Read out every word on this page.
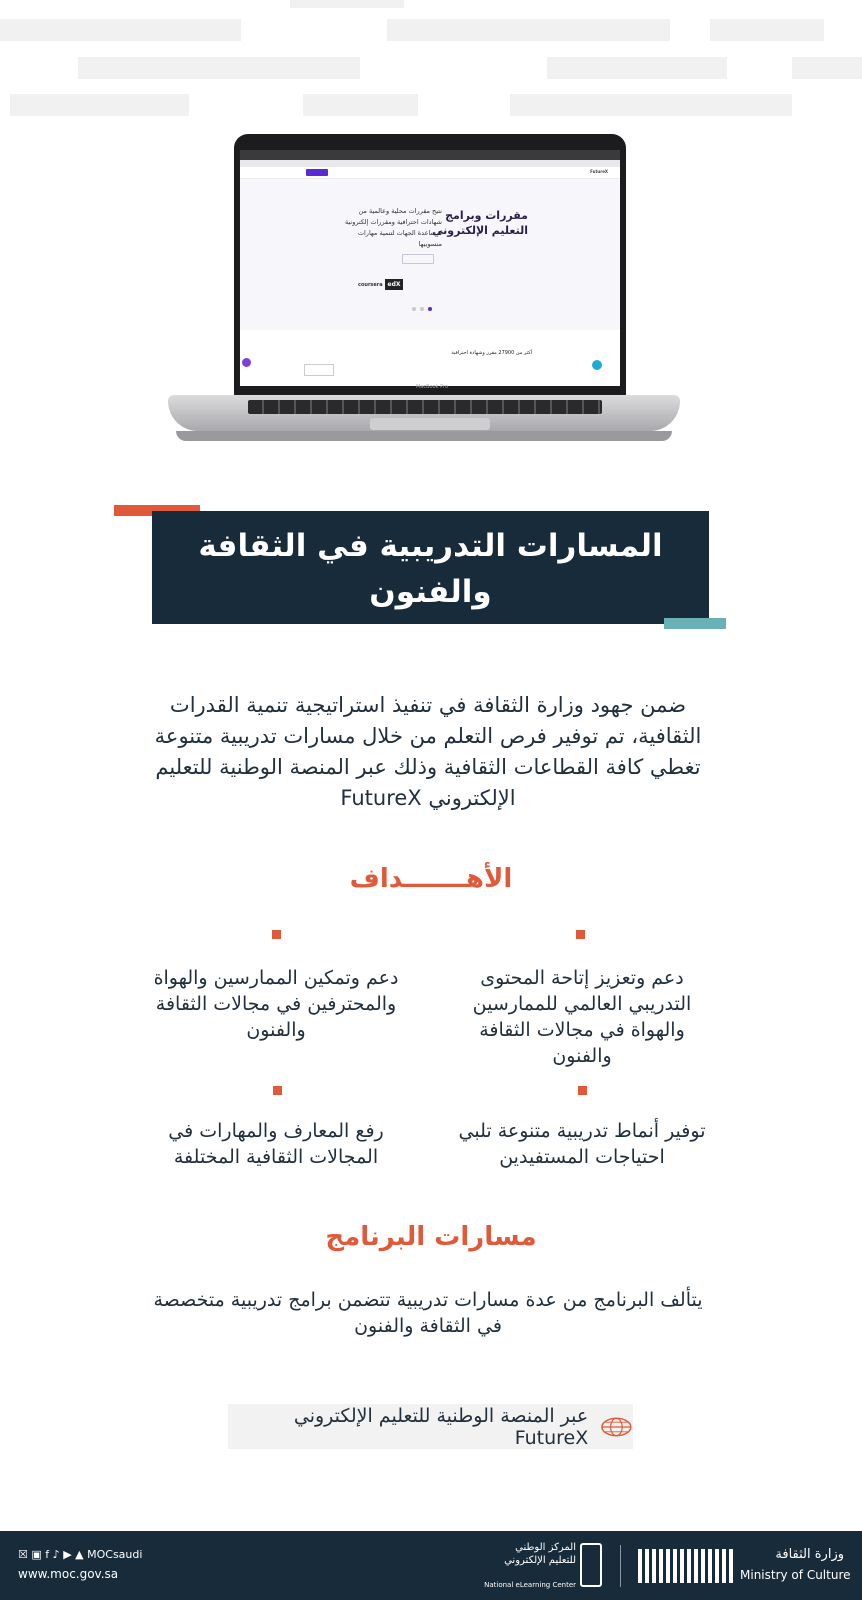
FutureX
مقررات وبرامج التعليم الإلكتروني
نتيح مقررات محلية وعالمية من شهادات احترافية ومقررات إلكترونية لمساعدة الجهات لتنمية مهارات منسوبيها
coursera edX
أكثر من 27900 مقرر وشهادة احترافية
MacBook Pro
المسارات التدريبية في الثقافة والفنون
عبر المنصة الوطنية للتعليم الإلكتروني
ضمن جهود وزارة الثقافة في تنفيذ استراتيجية تنمية القدرات الثقافية، تم توفير فرص التعلم من خلال مسارات تدريبية متنوعة تغطي كافة القطاعات الثقافية وذلك عبر المنصة الوطنية للتعليم الإلكتروني FutureX
الأهـــــــداف
دعم وتعزيز إتاحة المحتوى التدريبي العالمي للممارسين والهواة في مجالات الثقافة والفنون
دعم وتمكين الممارسين والهواة والمحترفين في مجالات الثقافة والفنون
توفير أنماط تدريبية متنوعة تلبي احتياجات المستفيدين
رفع المعارف والمهارات في المجالات الثقافية المختلفة
مسارات البرنامج
يتألف البرنامج من عدة مسارات تدريبية تتضمن برامج تدريبية متخصصة في الثقافة والفنون
عبر المنصة الوطنية للتعليم الإلكتروني FutureX
☒ ▣ f ♪ ▶ ▲ MOCsaudi
www.moc.gov.sa
المركز الوطني
للتعليم الإلكتروني
National eLearning Center
وزارة الثقافة
Ministry of Culture
